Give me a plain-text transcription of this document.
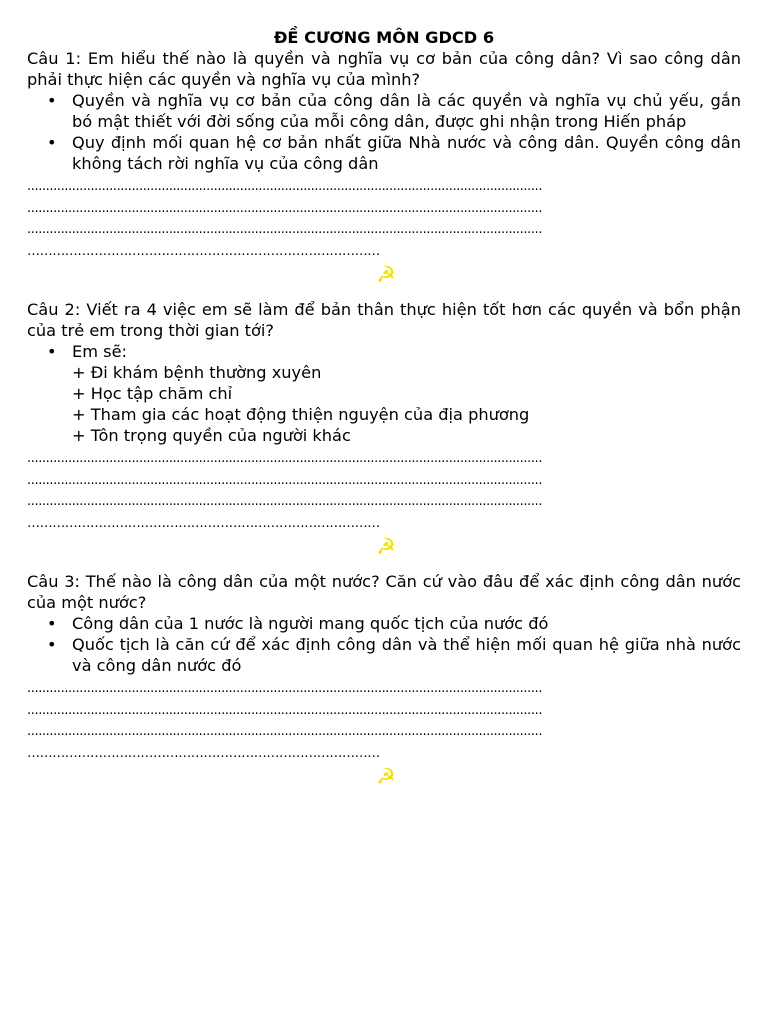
ĐỀ CƯƠNG MÔN GDCD 6

Câu 1: Em hiểu thế nào là quyền và nghĩa vụ cơ bản của công dân? Vì sao công dân phải thực hiện các quyền và nghĩa vụ của mình?

• Quyền và nghĩa vụ cơ bản của công dân là các quyền và nghĩa vụ chủ yếu, gắn bó mật thiết với đời sống của mỗi công dân, được ghi nhận trong Hiến pháp
• Quy định mối quan hệ cơ bản nhất giữa Nhà nước và công dân. Quyền công dân không tách rời nghĩa vụ của công dân
..........................................................................................................................................
..........................................................................................................................................
..........................................................................................................................................
…………………………………………………………………………
☭

Câu 2: Viết ra 4 việc em sẽ làm để bản thân thực hiện tốt hơn các quyền và bổn phận của trẻ em trong thời gian tới?

• Em sẽ:
+ Đi khám bệnh thường xuyên
+ Học tập chăm chỉ
+ Tham gia các hoạt động thiện nguyện của địa phương
+ Tôn trọng quyền của người khác
..........................................................................................................................................
..........................................................................................................................................
..........................................................................................................................................
…………………………………………………………………………
☭

Câu 3: Thế nào là công dân của một nước? Căn cứ vào đâu để xác định công dân nước của một nước?

• Công dân của 1 nước là người mang quốc tịch của nước đó
• Quốc tịch là căn cứ để xác định công dân và thể hiện mối quan hệ giữa nhà nước và công dân nước đó
..........................................................................................................................................
..........................................................................................................................................
..........................................................................................................................................
…………………………………………………………………………
☭
